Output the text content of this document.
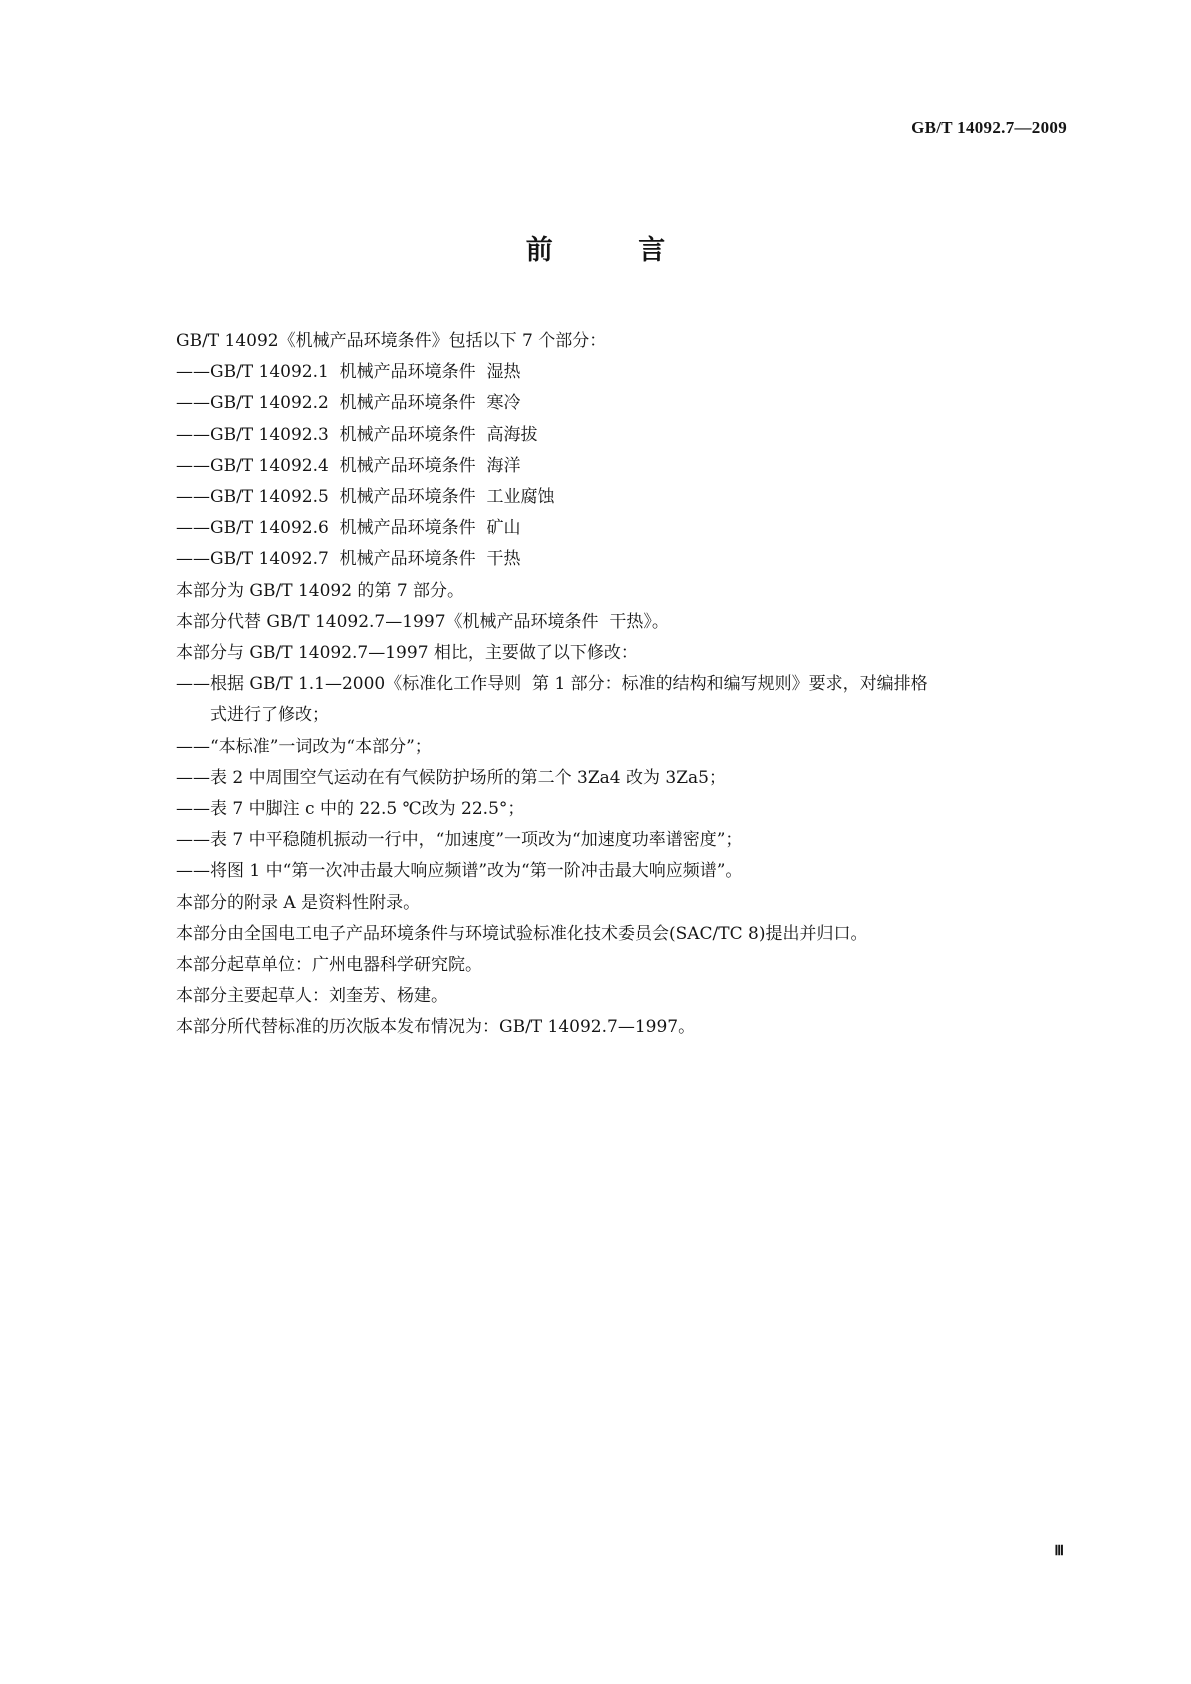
GB/T 14092.7—2009
前 言
GB/T 14092《机械产品环境条件》包括以下 7 个部分：
——GB/T 14092.1  机械产品环境条件  湿热
——GB/T 14092.2  机械产品环境条件  寒冷
——GB/T 14092.3  机械产品环境条件  高海拔
——GB/T 14092.4  机械产品环境条件  海洋
——GB/T 14092.5  机械产品环境条件  工业腐蚀
——GB/T 14092.6  机械产品环境条件  矿山
——GB/T 14092.7  机械产品环境条件  干热
本部分为 GB/T 14092 的第 7 部分。
本部分代替 GB/T 14092.7—1997《机械产品环境条件  干热》。
本部分与 GB/T 14092.7—1997 相比，主要做了以下修改：
——根据 GB/T 1.1—2000《标准化工作导则  第 1 部分：标准的结构和编写规则》要求，对编排格
式进行了修改；
——“本标准”一词改为“本部分”；
——表 2 中周围空气运动在有气候防护场所的第二个 3Za4 改为 3Za5；
——表 7 中脚注 c 中的 22.5 ℃改为 22.5°；
——表 7 中平稳随机振动一行中，“加速度”一项改为“加速度功率谱密度”；
——将图 1 中“第一次冲击最大响应频谱”改为“第一阶冲击最大响应频谱”。
本部分的附录 A 是资料性附录。
本部分由全国电工电子产品环境条件与环境试验标准化技术委员会(SAC/TC 8)提出并归口。
本部分起草单位：广州电器科学研究院。
本部分主要起草人：刘奎芳、杨建。
本部分所代替标准的历次版本发布情况为：GB/T 14092.7—1997。
Ⅲ
